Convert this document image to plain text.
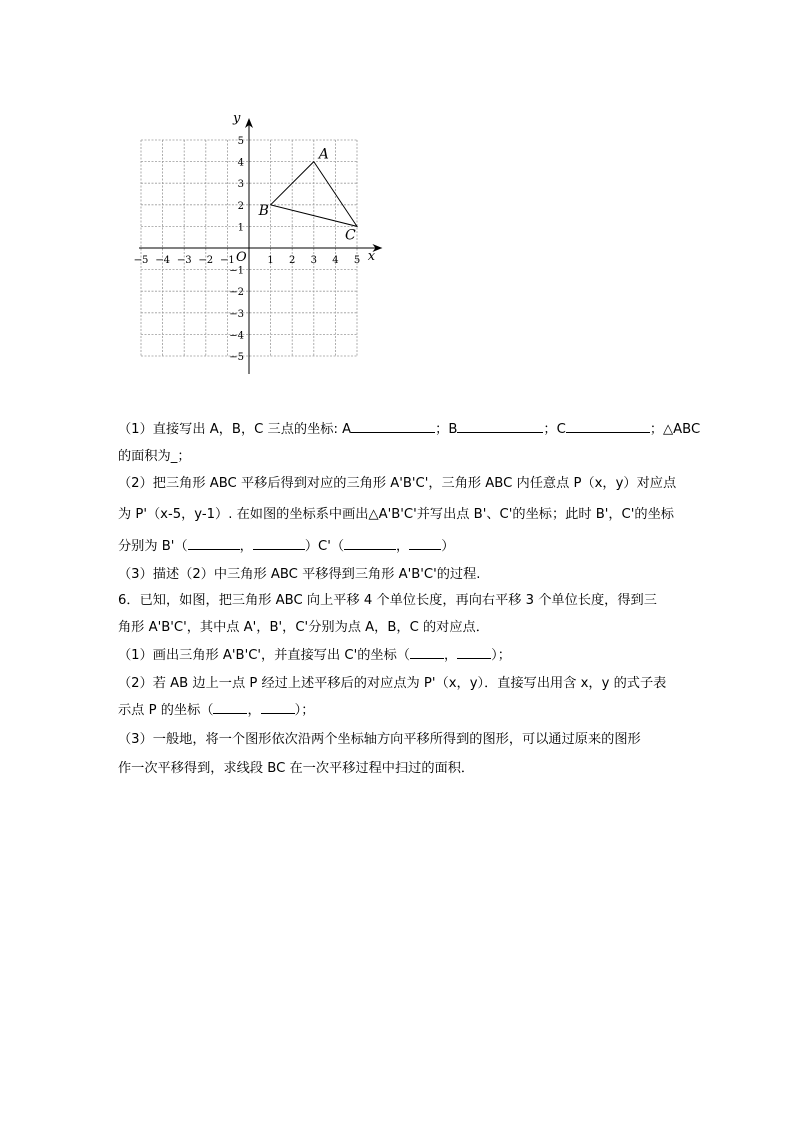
x
y
O
−5 −4 −3 −2 −1	1 2 3 4 5
5
4
3
2
1
−1
−2
−3
−4
−5
A
B
C

（1）直接写出 A，B，C 三点的坐标: A	；B	；C	；△ABC

的面积为_；

（2）把三角形 ABC 平移后得到对应的三角形 A'B'C'，三角形 ABC 内任意点 P（x，y）对应点

为 P'（x-5，y-1）. 在如图的坐标系中画出△A'B'C'并写出点 B'、C'的坐标；此时 B'，C'的坐标

分别为 B'（	，	）C'（	， ）

（3）描述（2）中三角形 ABC 平移得到三角形 A'B'C'的过程.

6．已知，如图，把三角形 ABC 向上平移 4 个单位长度，再向右平移 3 个单位长度，得到三

角形 A'B'C'，其中点 A'，B'，C'分别为点 A，B，C 的对应点．

（1）画出三角形 A'B'C'，并直接写出 C'的坐标（	，	）；

（2）若 AB 边上一点 P 经过上述平移后的对应点为 P'（x，y）．直接写出用含 x，y 的式子表

示点 P 的坐标（	，	）；

（3）一般地，将一个图形依次沿两个坐标轴方向平移所得到的图形，可以通过原来的图形

作一次平移得到，求线段 BC 在一次平移过程中扫过的面积．
